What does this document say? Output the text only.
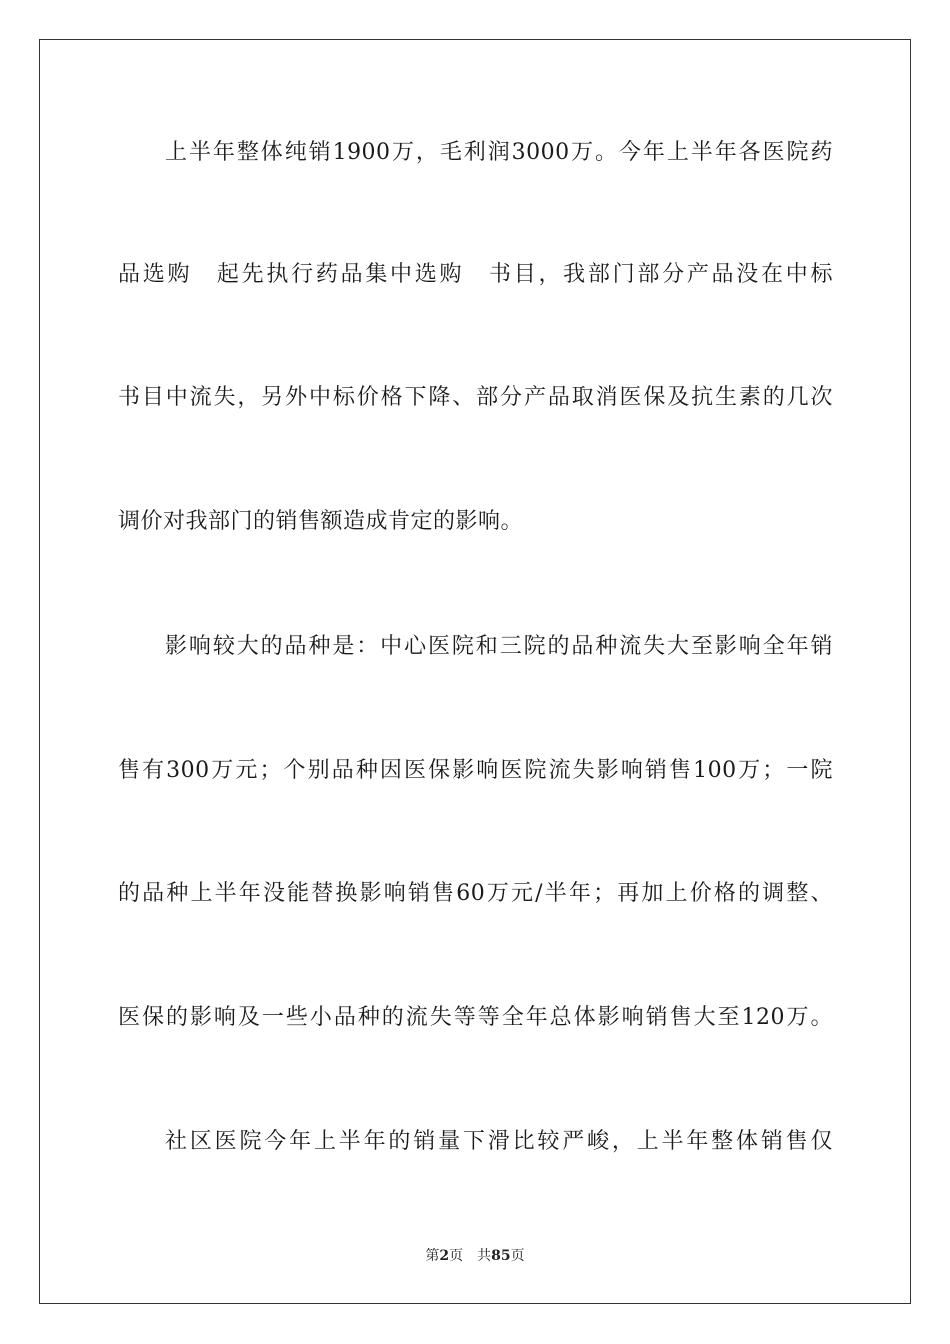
上半年整体纯销1900万，毛利润3000万。今年上半年各医院药
品选购　起先执行药品集中选购　书目，我部门部分产品没在中标
书目中流失，另外中标价格下降、部分产品取消医保及抗生素的几次
调价对我部门的销售额造成肯定的影响。
影响较大的品种是：中心医院和三院的品种流失大至影响全年销
售有300万元；个别品种因医保影响医院流失影响销售100万；一院
的品种上半年没能替换影响销售60万元/半年；再加上价格的调整、
医保的影响及一些小品种的流失等等全年总体影响销售大至120万。
社区医院今年上半年的销量下滑比较严峻，上半年整体销售仅
第2页 共85页
